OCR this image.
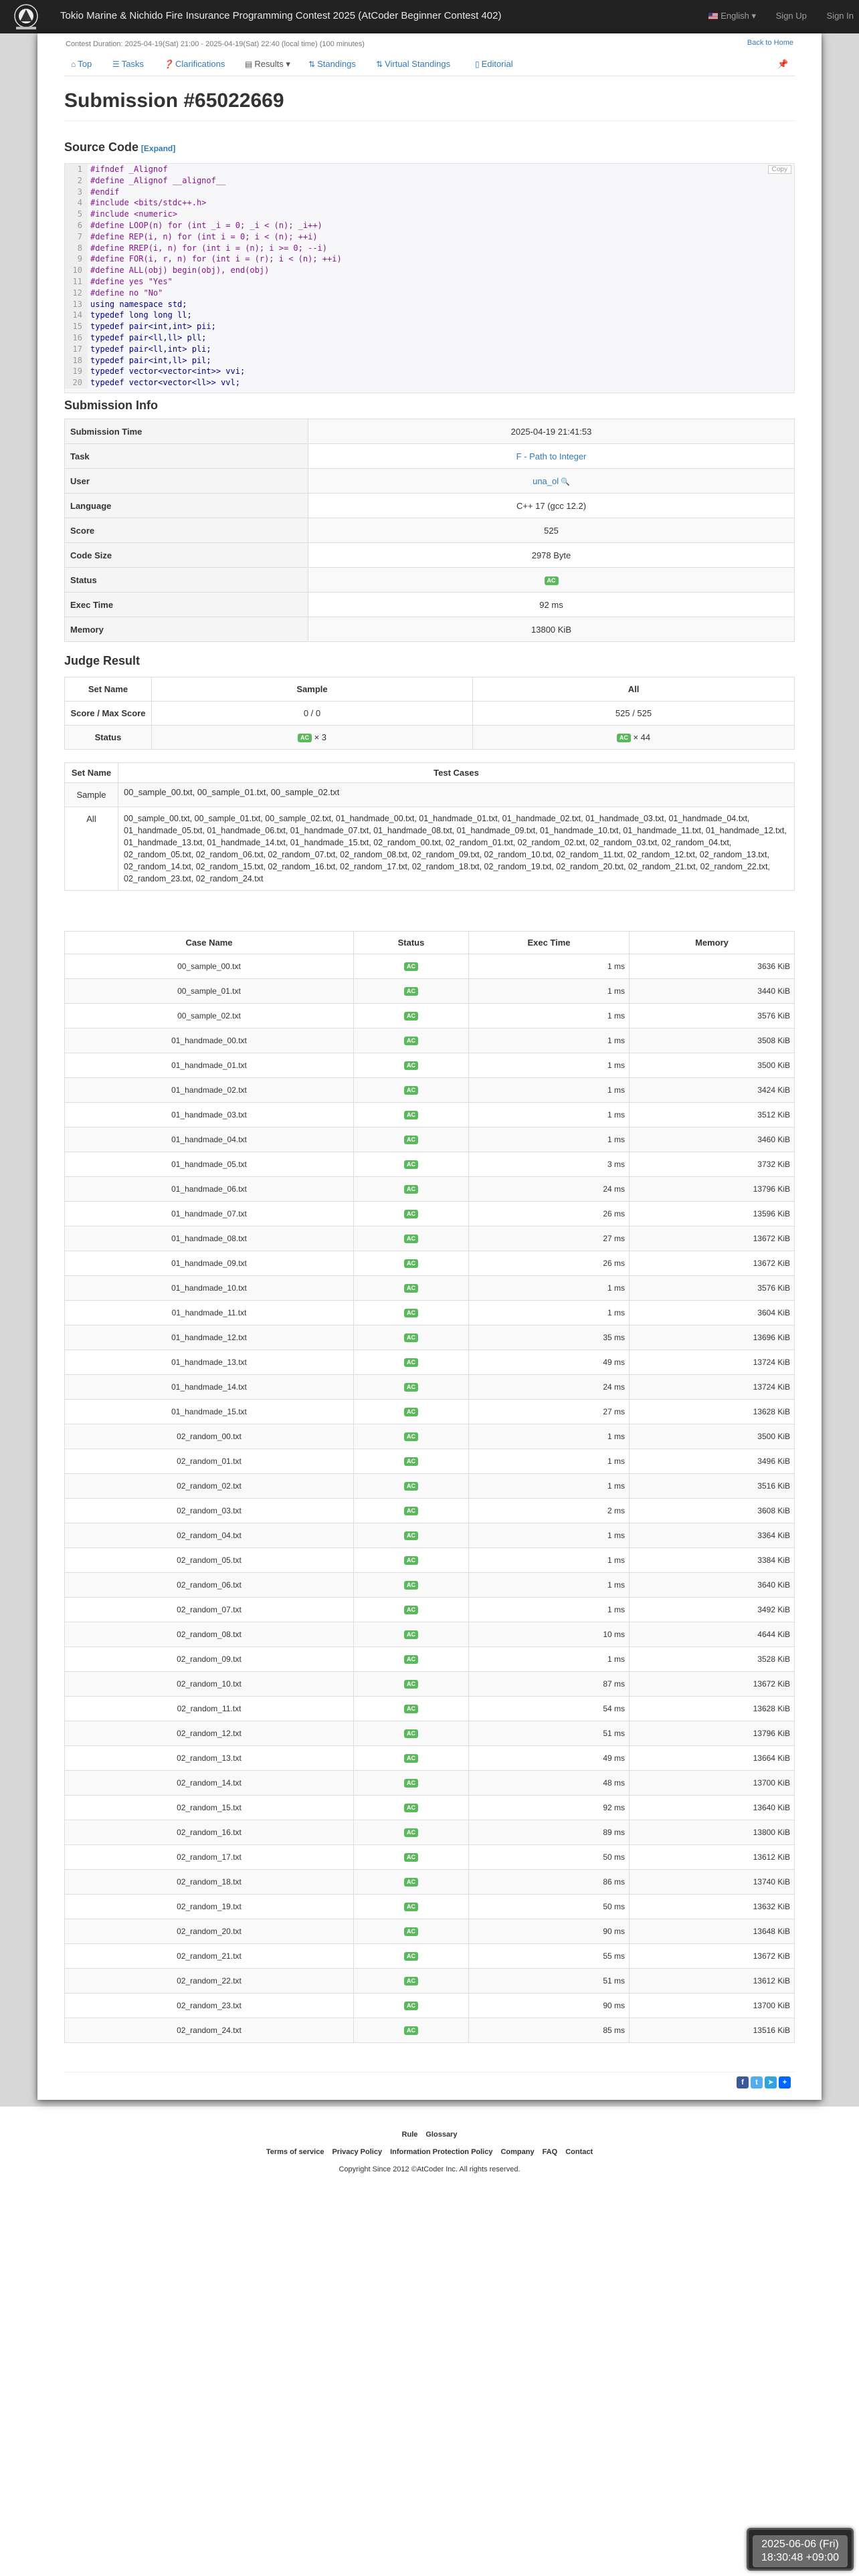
Tokio Marine & Nichido Fire Insurance Programming Contest 2025 (AtCoder Beginner Contest 402)	English ▾ Sign Up Sign In
Contest Duration: 2025-04-19(Sat) 21:00 - 2025-04-19(Sat) 22:40 (local time) (100 minutes)	Back to Home
⌂ Top	☰ Tasks ❓ Clarifications ▤ Results ▾ ⇅ Standings	⇅ Virtual Standings	▯ Editorial	📌
Submission #65022669
Source Code [Expand]
1 #ifndef _Alignof
2 #define _Alignof __alignof__
3 #endif
4 #include <bits/stdc++.h>
5 #include <numeric>
6 #define LOOP(n) for (int _i = 0; _i < (n); _i++)
7 #define REP(i, n) for (int i = 0; i < (n); ++i)
8 #define RREP(i, n) for (int i = (n); i >= 0; --i)
9 #define FOR(i, r, n) for (int i = (r); i < (n); ++i)
10 #define ALL(obj) begin(obj), end(obj)
11 #define yes "Yes"
12 #define no "No"
13 using namespace std;
14 typedef long long ll;
15 typedef pair<int,int> pii;
16 typedef pair<ll,ll> pll;
17 typedef pair<ll,int> pli;
18 typedef pair<int,ll> pil;
19 typedef vector<vector<int>> vvi;
20 typedef vector<vector<ll>> vvl;
Copy
Submission Info
Submission Time	2025-04-19 21:41:53
Task	F - Path to Integer
User	una_ol 🔍
Language	C++ 17 (gcc 12.2)
Score	525
Code Size	2978 Byte
Status	AC
Exec Time	92 ms
Memory	13800 KiB
Judge Result
Set Name	Sample	All
Score / Max Score	0 / 0	525 / 525
Status	AC × 3	AC × 44
Set Name	Test Cases
Sample	00_sample_00.txt, 00_sample_01.txt, 00_sample_02.txt
All	00_sample_00.txt, 00_sample_01.txt, 00_sample_02.txt, 01_handmade_00.txt, 01_handmade_01.txt, 01_handmade_02.txt, 01_handmade_03.txt, 01_handmade_04.txt, 01_handmade_05.txt, 01_handmade_06.txt, 01_handmade_07.txt, 01_handmade_08.txt, 01_handmade_09.txt, 01_handmade_10.txt, 01_handmade_11.txt, 01_handmade_12.txt, 01_handmade_13.txt, 01_handmade_14.txt, 01_handmade_15.txt, 02_random_00.txt, 02_random_01.txt, 02_random_02.txt, 02_random_03.txt, 02_random_04.txt, 02_random_05.txt, 02_random_06.txt, 02_random_07.txt, 02_random_08.txt, 02_random_09.txt, 02_random_10.txt, 02_random_11.txt, 02_random_12.txt, 02_random_13.txt, 02_random_14.txt, 02_random_15.txt, 02_random_16.txt, 02_random_17.txt, 02_random_18.txt, 02_random_19.txt, 02_random_20.txt, 02_random_21.txt, 02_random_22.txt, 02_random_23.txt, 02_random_24.txt
Case Name	Status	Exec Time	Memory
00_sample_00.txt	AC	1 ms	3636 KiB
00_sample_01.txt	AC	1 ms	3440 KiB
00_sample_02.txt	AC	1 ms	3576 KiB
01_handmade_00.txt	AC	1 ms	3508 KiB
01_handmade_01.txt	AC	1 ms	3500 KiB
01_handmade_02.txt	AC	1 ms	3424 KiB
01_handmade_03.txt	AC	1 ms	3512 KiB
01_handmade_04.txt	AC	1 ms	3460 KiB
01_handmade_05.txt	AC	3 ms	3732 KiB
01_handmade_06.txt	AC	24 ms	13796 KiB
01_handmade_07.txt	AC	26 ms	13596 KiB
01_handmade_08.txt	AC	27 ms	13672 KiB
01_handmade_09.txt	AC	26 ms	13672 KiB
01_handmade_10.txt	AC	1 ms	3576 KiB
01_handmade_11.txt	AC	1 ms	3604 KiB
01_handmade_12.txt	AC	35 ms	13696 KiB
01_handmade_13.txt	AC	49 ms	13724 KiB
01_handmade_14.txt	AC	24 ms	13724 KiB
01_handmade_15.txt	AC	27 ms	13628 KiB
02_random_00.txt	AC	1 ms	3500 KiB
02_random_01.txt	AC	1 ms	3496 KiB
02_random_02.txt	AC	1 ms	3516 KiB
02_random_03.txt	AC	2 ms	3608 KiB
02_random_04.txt	AC	1 ms	3364 KiB
02_random_05.txt	AC	1 ms	3384 KiB
02_random_06.txt	AC	1 ms	3640 KiB
02_random_07.txt	AC	1 ms	3492 KiB
02_random_08.txt	AC	10 ms	4644 KiB
02_random_09.txt	AC	1 ms	3528 KiB
02_random_10.txt	AC	87 ms	13672 KiB
02_random_11.txt	AC	54 ms	13628 KiB
02_random_12.txt	AC	51 ms	13796 KiB
02_random_13.txt	AC	49 ms	13664 KiB
02_random_14.txt	AC	48 ms	13700 KiB
02_random_15.txt	AC	92 ms	13640 KiB
02_random_16.txt	AC	89 ms	13800 KiB
02_random_17.txt	AC	50 ms	13612 KiB
02_random_18.txt	AC	86 ms	13740 KiB
02_random_19.txt	AC	50 ms	13632 KiB
02_random_20.txt	AC	90 ms	13648 KiB
02_random_21.txt	AC	55 ms	13672 KiB
02_random_22.txt	AC	51 ms	13612 KiB
02_random_23.txt	AC	90 ms	13700 KiB
02_random_24.txt	AC	85 ms	13516 KiB
f t ➤ +
Rule Glossary
Terms of service Privacy Policy Information Protection Policy Company FAQ Contact
Copyright Since 2012 ©AtCoder Inc. All rights reserved.
2025-06-06 (Fri)
18:30:48 +09:00
